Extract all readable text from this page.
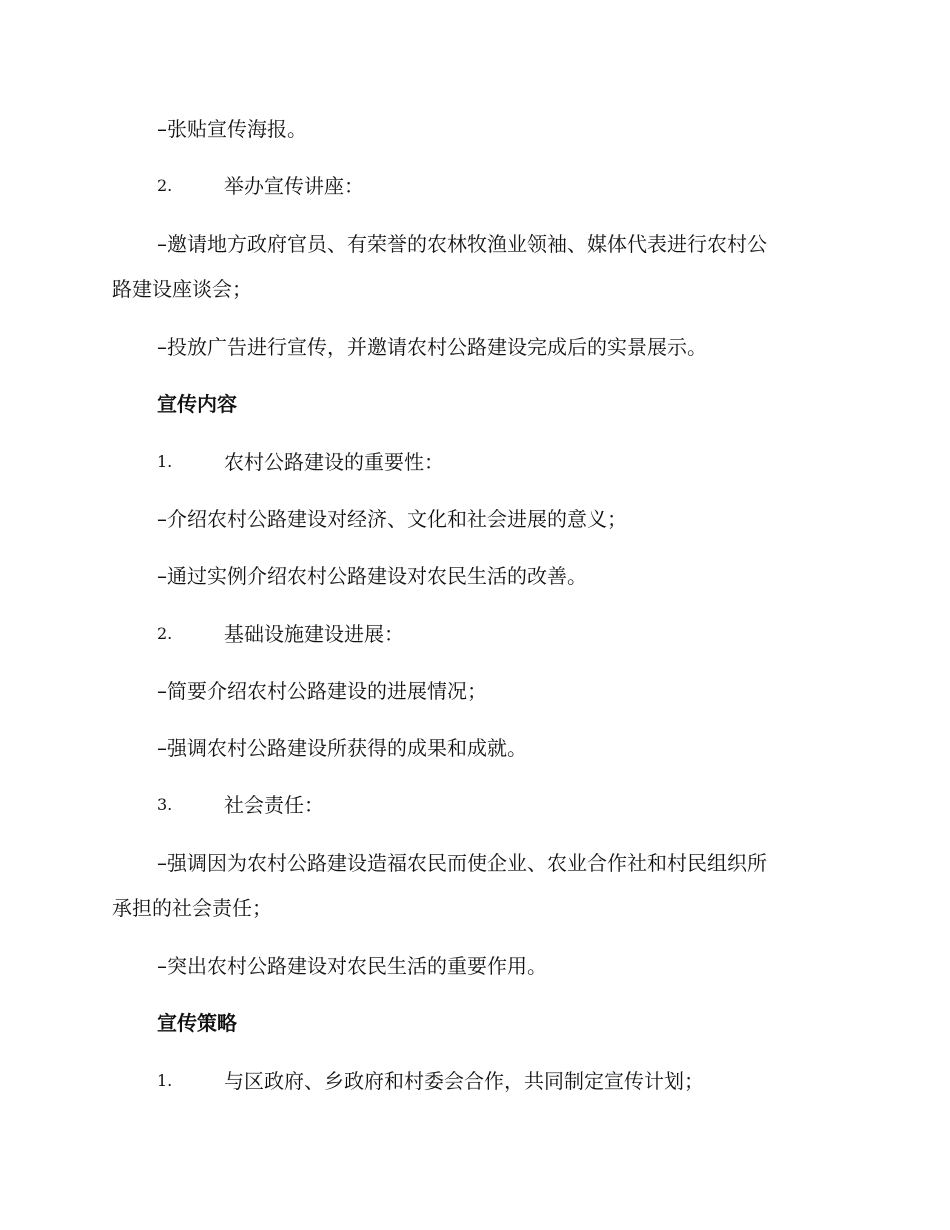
–张贴宣传海报。
2.	举办宣传讲座：
–邀请地方政府官员、有荣誉的农林牧渔业领袖、媒体代表进行农村公
路建设座谈会；
–投放广告进行宣传，并邀请农村公路建设完成后的实景展示。
宣传内容
1.	农村公路建设的重要性：
–介绍农村公路建设对经济、文化和社会进展的意义；
–通过实例介绍农村公路建设对农民生活的改善。
2.	基础设施建设进展：
–简要介绍农村公路建设的进展情况；
–强调农村公路建设所获得的成果和成就。
3.	社会责任：
–强调因为农村公路建设造福农民而使企业、农业合作社和村民组织所
承担的社会责任；
–突出农村公路建设对农民生活的重要作用。
宣传策略
1.	与区政府、乡政府和村委会合作，共同制定宣传计划；
